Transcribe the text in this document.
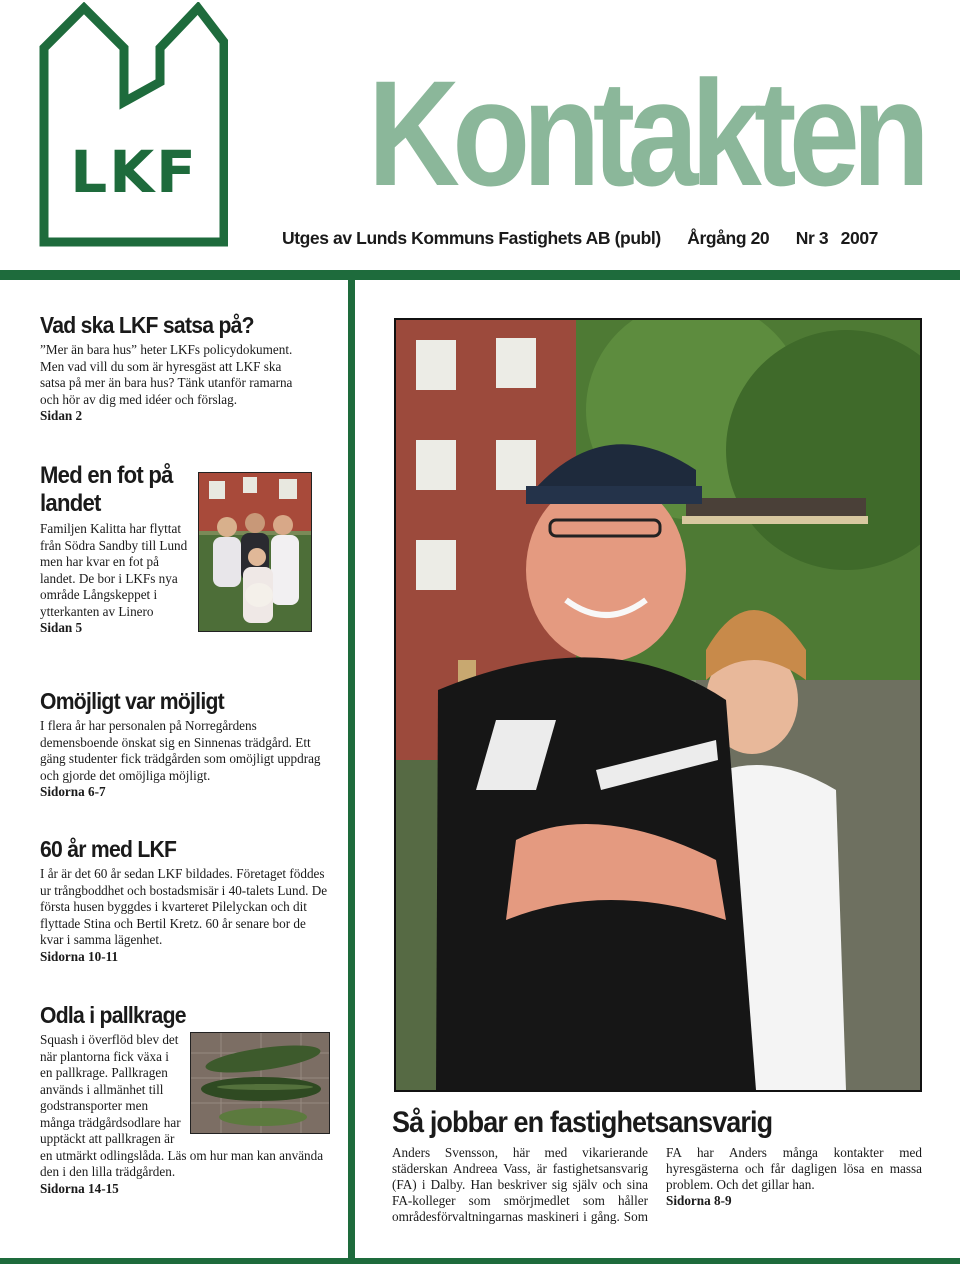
LKF Kontakten
Utges av Lunds Kommuns Fastighets AB (publ) Årgång 20 Nr 3 2007
Vad ska LKF satsa på?

”Mer än bara hus” heter LKFs policydokument. Men vad vill du som är hyresgäst att LKF ska satsa på mer än bara hus? Tänk utanför ramarna och hör av dig med idéer och förslag.

Sidan 2
Med en fot på landet

Familjen Kalitta har flyttat från Södra Sandby till Lund men har kvar en fot på landet. De bor i LKFs nya område Långskeppet i ytterkanten av Linero

Sidan 5
Omöjligt var möjligt

I flera år har personalen på Norregårdens demensboende önskat sig en Sinnenas trädgård. Ett gäng studenter fick trädgården som omöjligt uppdrag och gjorde det omöjliga möjligt.

Sidorna 6-7
60 år med LKF

I år är det 60 år sedan LKF bildades. Företaget föddes ur trångboddhet och bostadsmisär i 40-talets Lund. De första husen byggdes i kvarteret Pilelyckan och dit flyttade Stina och Bertil Kretz. 60 år senare bor de kvar i samma lägenhet.

Sidorna 10-11
Odla i pallkrage

Squash i överflöd blev det när plantorna fick växa i en pallkrage. Pallkragen används i allmänhet till godstransporter men många trädgårdsodlare har upptäckt att pallkragen är en utmärkt odlingslåda. Läs om hur man kan använda den i den lilla trädgården.

Sidorna 14-15
Så jobbar en fastighetsansvarig
Anders Svensson, här med vikarierande städerskan Andreea Vass, är fastighetsansvarig (FA) i Dalby. Han beskriver sig själv och sina FA-kolleger som smörjmedlet som håller områdesförvaltningarnas maskineri i gång. Som FA har Anders många kontakter med hyresgästerna och får dagligen lösa en massa problem. Och det gillar han.
Sidorna 8-9
